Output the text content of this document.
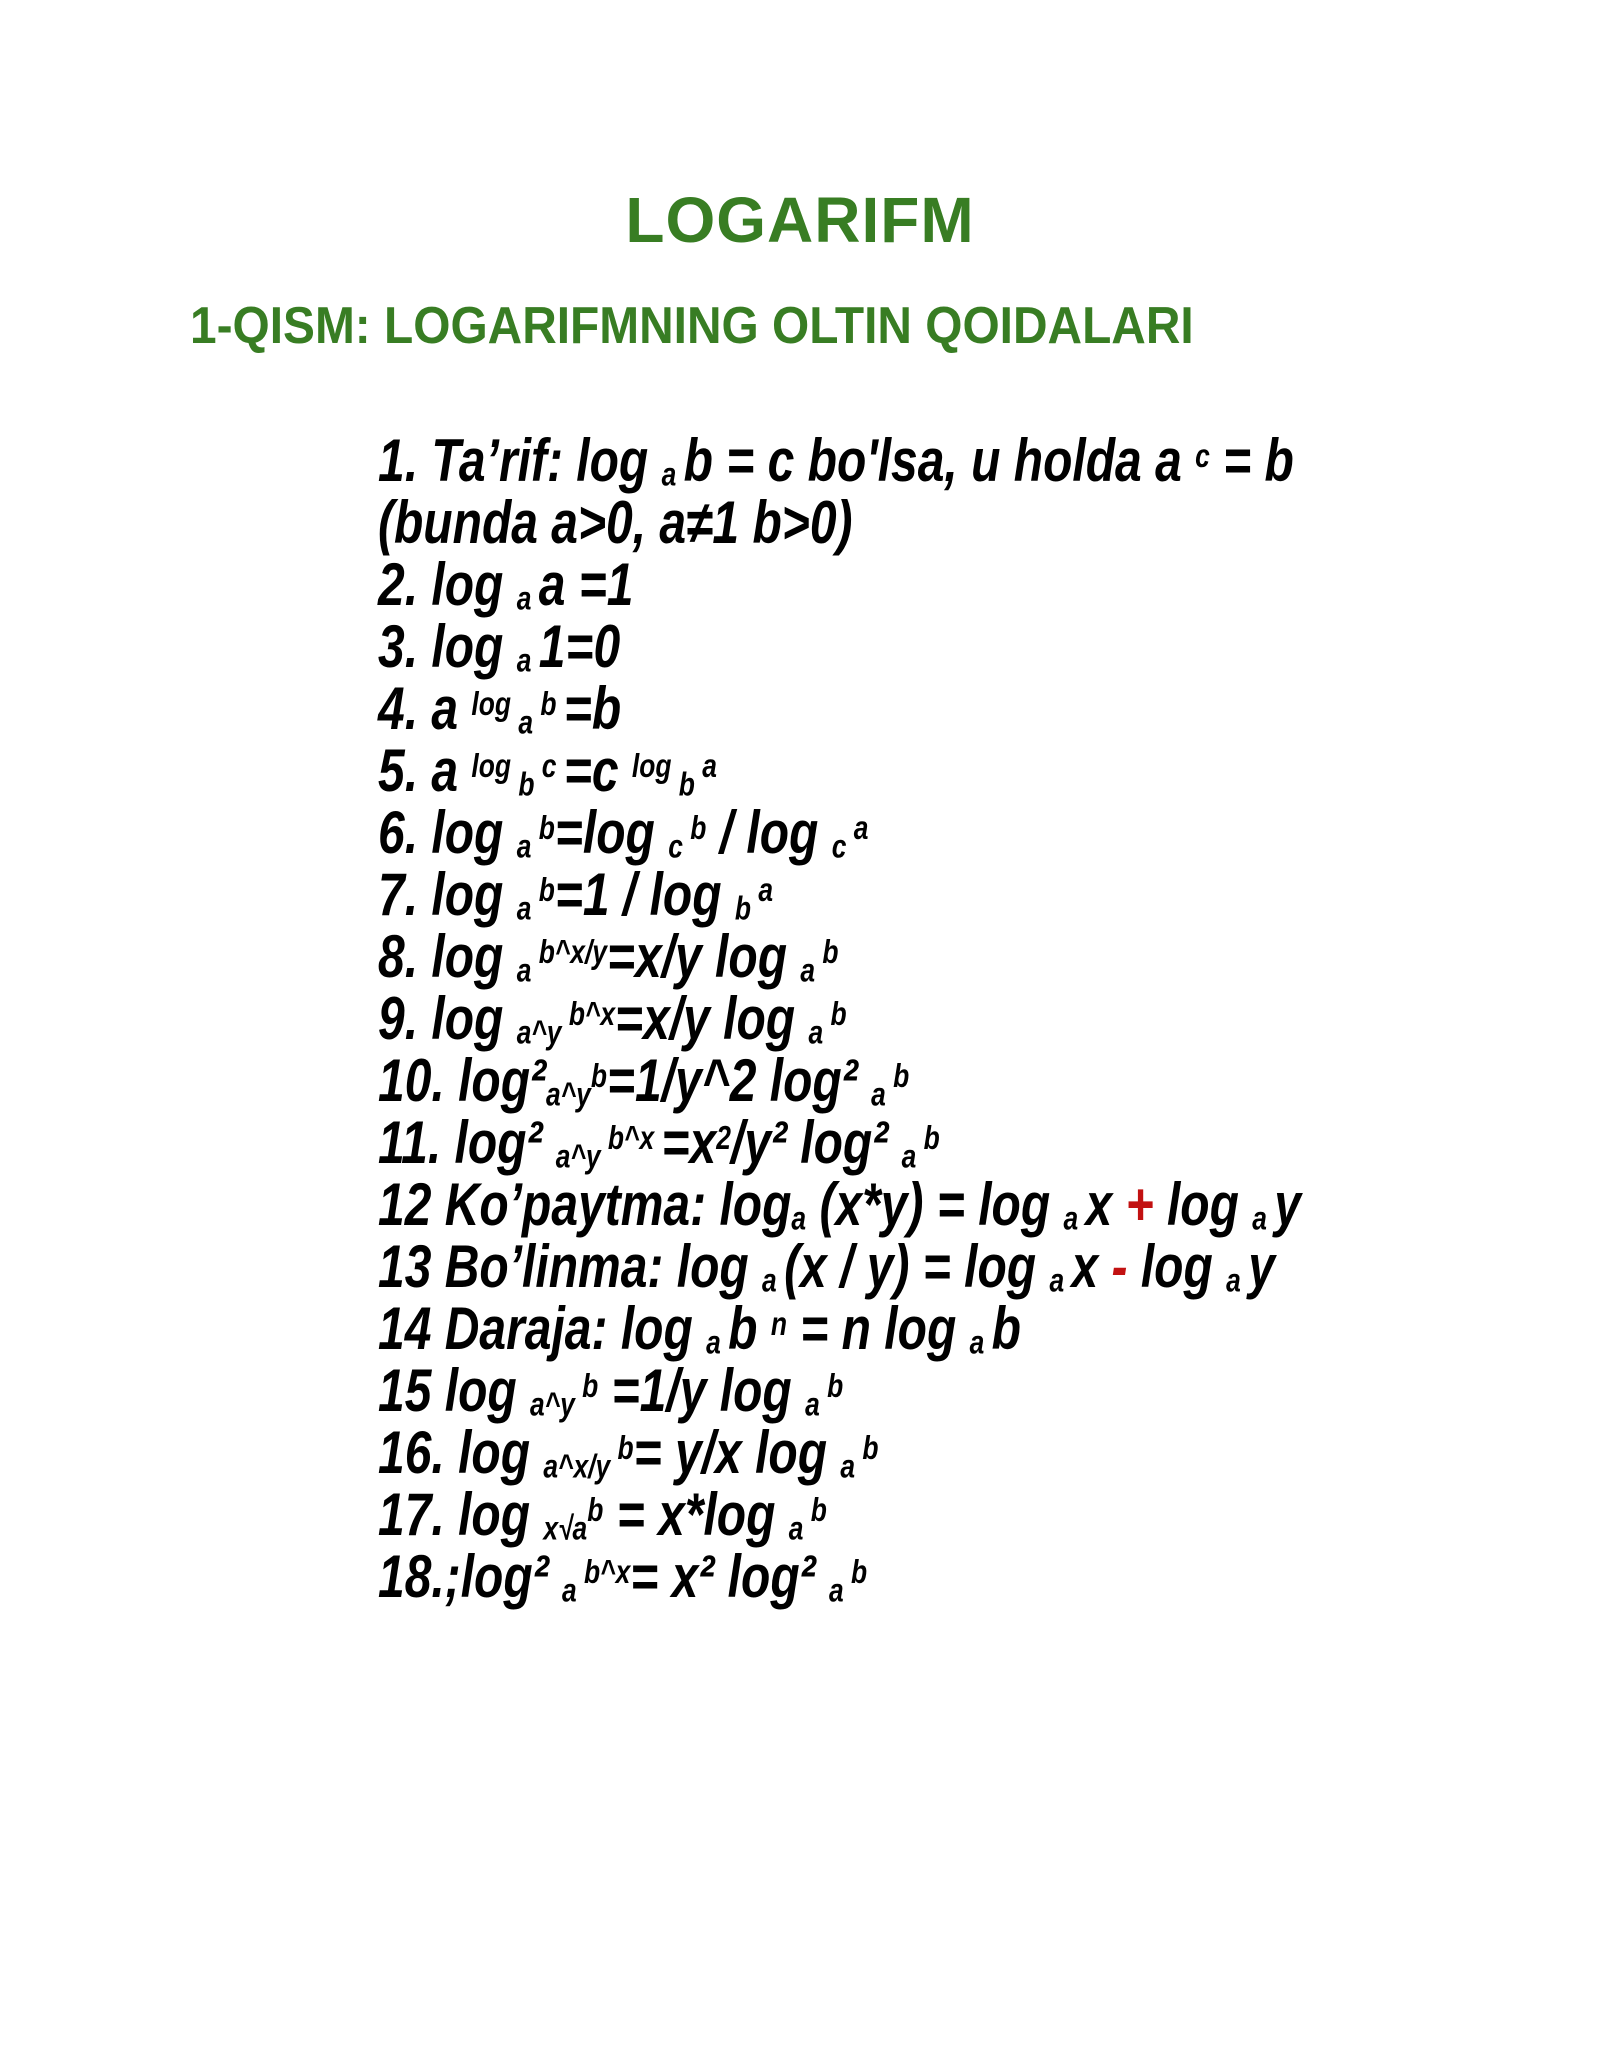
LOGARIFM
1-QISM: LOGARIFMNING OLTIN QOIDALARI
1. Ta’rif: log a b = c bo'lsa, u holda a $^c$ = b
(bunda a>0, a≠1 b>0)
2. log a a =1
3. log a 1=0
4. a $^{log}$ a $^b$ =b
5. a $^{log}$ b $^c$ =c $^{log}$ b $^a$
6. log a $^b$=log c $^b$ / log c $^a$
7. log a $^b$=1 / log b $^a$
8. log a $^{b\^{}x/y}$=x/y log a $^b$
9. log a^y $^{b\^{}x}$=x/y log a $^b$
10. $\log^2a\^{}y^b=1/y\^{}2$ log² a $^b$
11. log² a^y $^{b\^{}x} =x^2/y^2$ log² a $^b$
12 Ko’paytma: loga (x*y) = log a x + log a y
13 Bo’linma: log a (x / y) = log a x - log a y
14 Daraja: log a b $^n$ = n log a b
15 log a^y $^b$ =1/y log a $^b$
16. log a^x/y $^b$= y/x log a $^b$
17. $\log x√a^b = x*\log$ a $^b$
18.;log² a $^{b\^{}x}$= x² log² a $^b$
